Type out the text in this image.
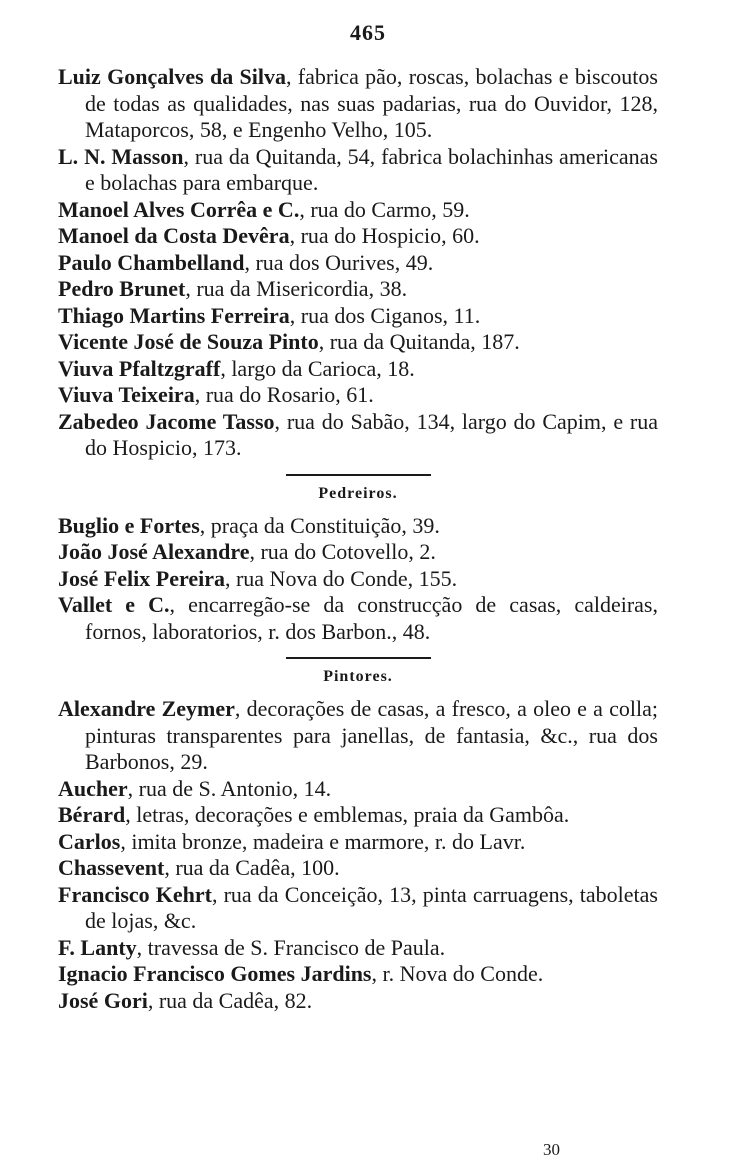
465
Luiz Gonçalves da Silva, fabrica pão, roscas, bolachas e biscoutos de todas as qualidades, nas suas padarias, rua do Ouvidor, 128, Mataporcos, 58, e Engenho Velho, 105.
L. N. Masson, rua da Quitanda, 54, fabrica bolachinhas americanas e bolachas para embarque.
Manoel Alves Corrêa e C., rua do Carmo, 59.
Manoel da Costa Devêra, rua do Hospicio, 60.
Paulo Chambelland, rua dos Ourives, 49.
Pedro Brunet, rua da Misericordia, 38.
Thiago Martins Ferreira, rua dos Ciganos, 11.
Vicente José de Souza Pinto, rua da Quitanda, 187.
Viuva Pfaltzgraff, largo da Carioca, 18.
Viuva Teixeira, rua do Rosario, 61.
Zabedeo Jacome Tasso, rua do Sabão, 134, largo do Capim, e rua do Hospicio, 173.
Pedreiros.
Buglio e Fortes, praça da Constituição, 39.
João José Alexandre, rua do Cotovello, 2.
José Felix Pereira, rua Nova do Conde, 155.
Vallet e C., encarregão-se da construcção de casas, caldeiras, fornos, laboratorios, r. dos Barbon., 48.
Pintores.
Alexandre Zeymer, decorações de casas, a fresco, a oleo e a colla; pinturas transparentes para janellas, de fantasia, &c., rua dos Barbonos, 29.
Aucher, rua de S. Antonio, 14.
Bérard, letras, decorações e emblemas, praia da Gambôa.
Carlos, imita bronze, madeira e marmore, r. do Lavr.
Chassevent, rua da Cadêa, 100.
Francisco Kehrt, rua da Conceição, 13, pinta carruagens, taboletas de lojas, &c.
F. Lanty, travessa de S. Francisco de Paula.
Ignacio Francisco Gomes Jardins, r. Nova do Conde.
José Gori, rua da Cadêa, 82.
30
